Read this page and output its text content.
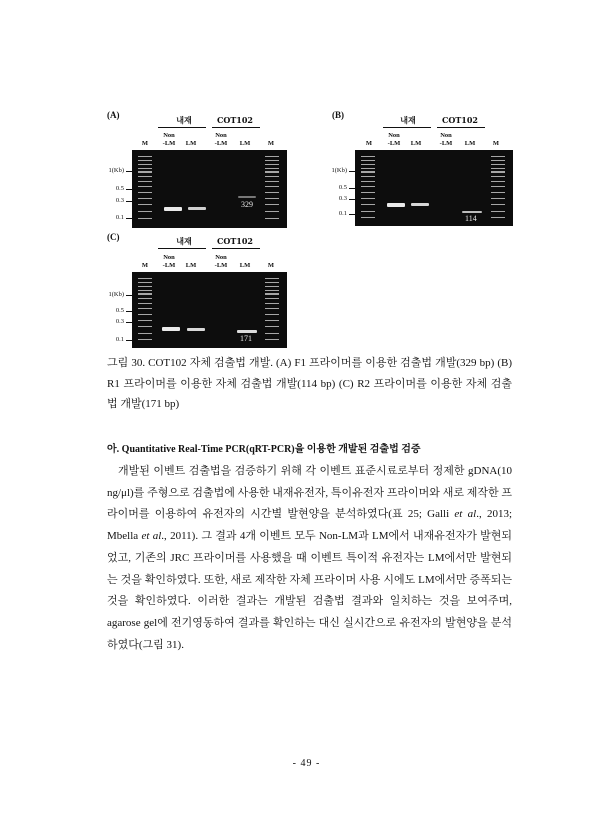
(A)	내재	COT102
M
Non
-LM	LM
Non
-LM	LM	M
1(Kb)
0.5
0.3
0.1
329
(B)	내재	COT102
M
Non
-LM	LM
Non
-LM	LM	M
1(Kb)
0.5
0.3
0.1
114
(C)	내재	COT102
M
Non
-LM	LM
Non
-LM	LM	M
1(Kb)
0.5
0.3
0.1	171
그림 30. COT102 자체 검출법 개발. (A) F1 프라이머를 이용한 검출법 개발(329 bp) (B) R1 프라이머를 이용한 자체 검출법 개발(114 bp) (C) R2 프라이머를 이용한 자체 검출법 개발(171 bp)
아. Quantitative Real-Time PCR(qRT-PCR)을 이용한 개발된 검출법 검증

개발된 이벤트 검출법을 검증하기 위해 각 이벤트 표준시료로부터 정제한 gDNA(10 ng/μl)를 주형으로 검출법에 사용한 내재유전자, 특이유전자 프라이머와 새로 제작한 프라이머를 이용하여 유전자의 시간별 발현양을 분석하였다(표 25; Galli et al., 2013; Mbella et al., 2011). 그 결과 4개 이벤트 모두 Non-LM과 LM에서 내재유전자가 발현되었고, 기존의 JRC 프라이머를 사용했을 때 이벤트 특이적 유전자는 LM에서만 발현되는 것을 확인하였다. 또한, 새로 제작한 자체 프라이머 사용 시에도 LM에서만 증폭되는 것을 확인하였다. 이러한 결과는 개발된 검출법 결과와 일치하는 것을 보여주며, agarose gel에 전기영동하여 결과를 확인하는 대신 실시간으로 유전자의 발현양을 분석하였다(그림 31).

- 49 -
